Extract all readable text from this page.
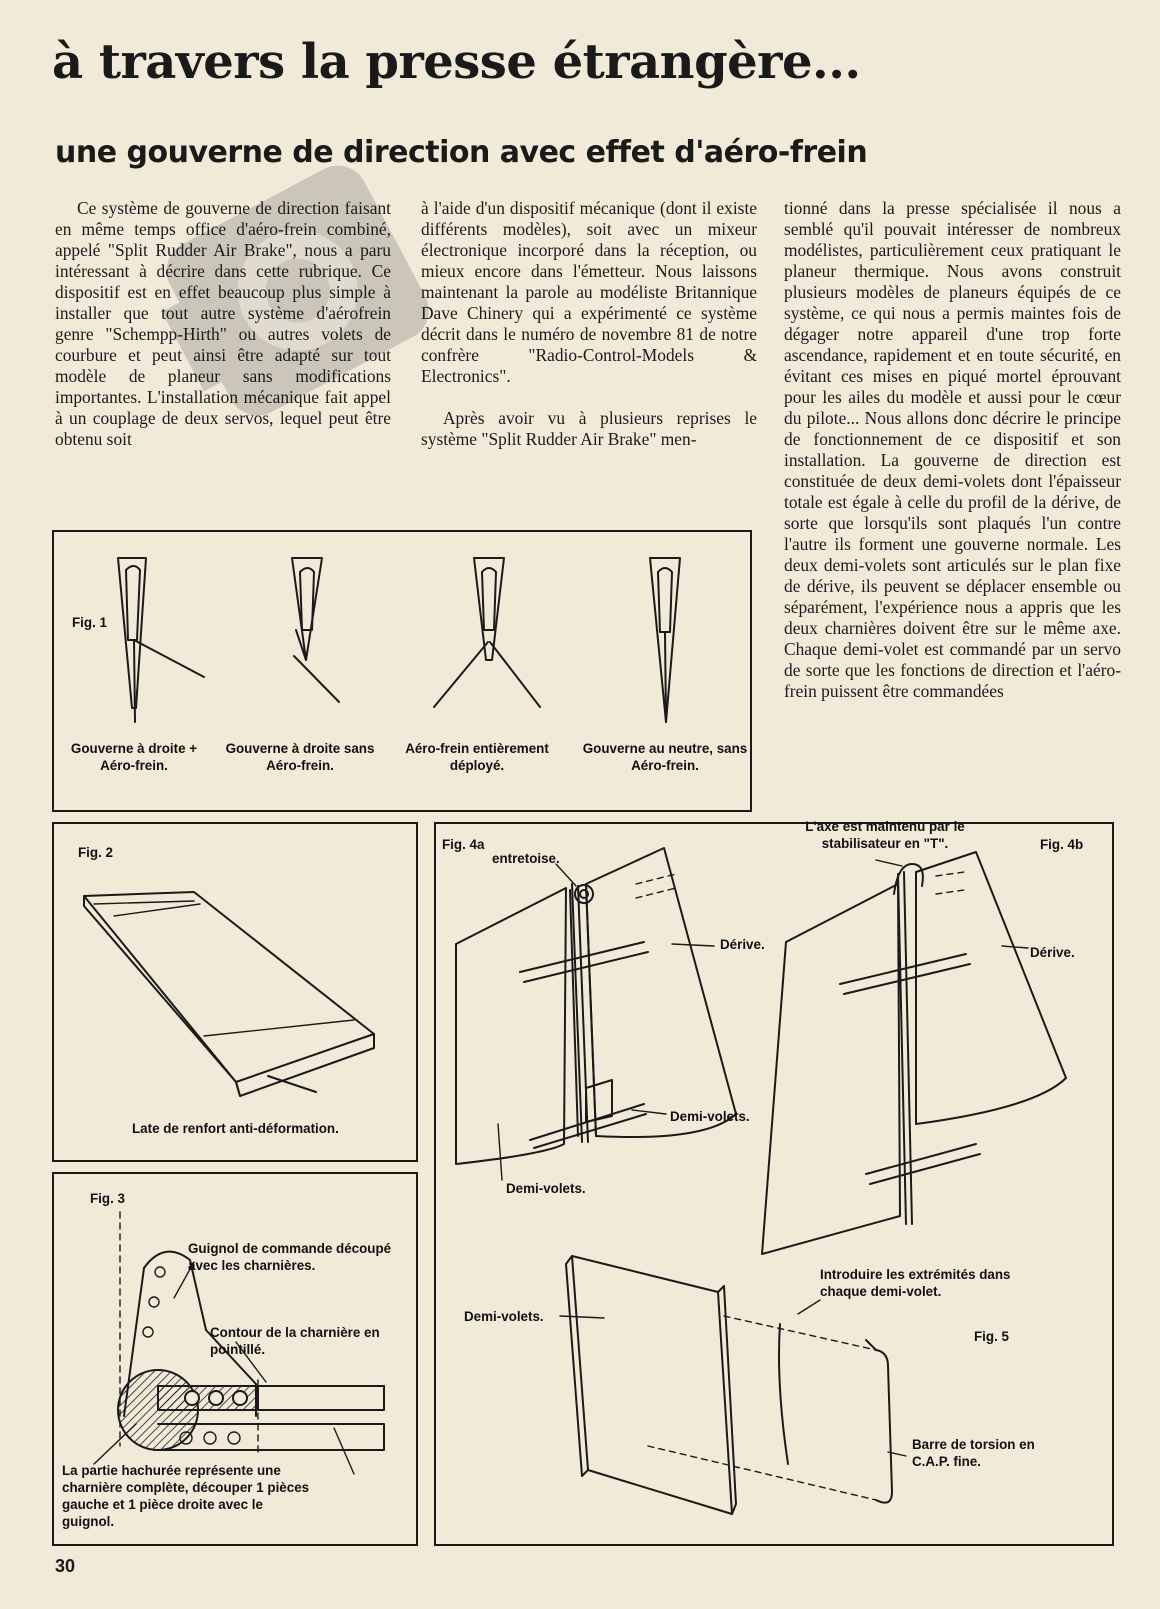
à travers la presse étrangère...
une gouverne de direction avec effet d'aéro-frein

Ce système de gouverne de direction faisant en même temps office d'aéro-frein combiné, appelé "Split Rudder Air Brake", nous a paru intéressant à décrire dans cette rubrique. Ce dispositif est en effet beaucoup plus simple à installer que tout autre système d'aérofrein genre "Schempp-Hirth" ou autres volets de courbure et peut ainsi être adapté sur tout modèle de planeur sans modifications importantes. L'installation mécanique fait appel à un couplage de deux servos, lequel peut être obtenu soit

à l'aide d'un dispositif mécanique (dont il existe différents modèles), soit avec un mixeur électronique incorporé dans la réception, ou mieux encore dans l'émetteur. Nous laissons maintenant la parole au modéliste Britannique Dave Chinery qui a expérimenté ce système décrit dans le numéro de novembre 81 de notre confrère "Radio-Control-Models & Electronics".

Après avoir vu à plusieurs reprises le système "Split Rudder Air Brake" men-

tionné dans la presse spécialisée il nous a semblé qu'il pouvait intéresser de nombreux modélistes, particulièrement ceux pratiquant le planeur thermique. Nous avons construit plusieurs modèles de planeurs équipés de ce système, ce qui nous a permis maintes fois de dégager notre appareil d'une trop forte ascendance, rapidement et en toute sécurité, en évitant ces mises en piqué mortel éprouvant pour les ailes du modèle et aussi pour le cœur du pilote... Nous allons donc décrire le principe de fonctionnement de ce dispositif et son installation. La gouverne de direction est constituée de deux demi-volets dont l'épaisseur totale est égale à celle du profil de la dérive, de sorte que lorsqu'ils sont plaqués l'un contre l'autre ils forment une gouverne normale. Les deux demi-volets sont articulés sur le plan fixe de dérive, ils peuvent se déplacer ensemble ou séparément, l'expérience nous a appris que les deux charnières doivent être sur le même axe. Chaque demi-volet est commandé par un servo de sorte que les fonctions de direction et l'aéro-frein puissent être commandées

Fig. 1
Gouverne à droite + Aéro-frein.
Gouverne à droite sans Aéro-frein.
Aéro-frein entièrement déployé.
Gouverne au neutre, sans Aéro-frein.
Fig. 2
Late de renfort anti-déformation.
Fig. 3
Guignol de commande découpé avec les charnières.
Contour de la charnière en pointillé.
La partie hachurée représente une charnière complète, découper 1 pièces gauche et 1 pièce droite avec le guignol.
Fig. 4a	Fig. 4b
entretoise.
Dérive.
Demi-volets.
Demi-volets.
L'axe est maintenu par le stabilisateur en "T".
Dérive.
Demi-volets.
Introduire les extrémités dans chaque demi-volet.
Fig. 5
Barre de torsion en C.A.P. fine.
30
